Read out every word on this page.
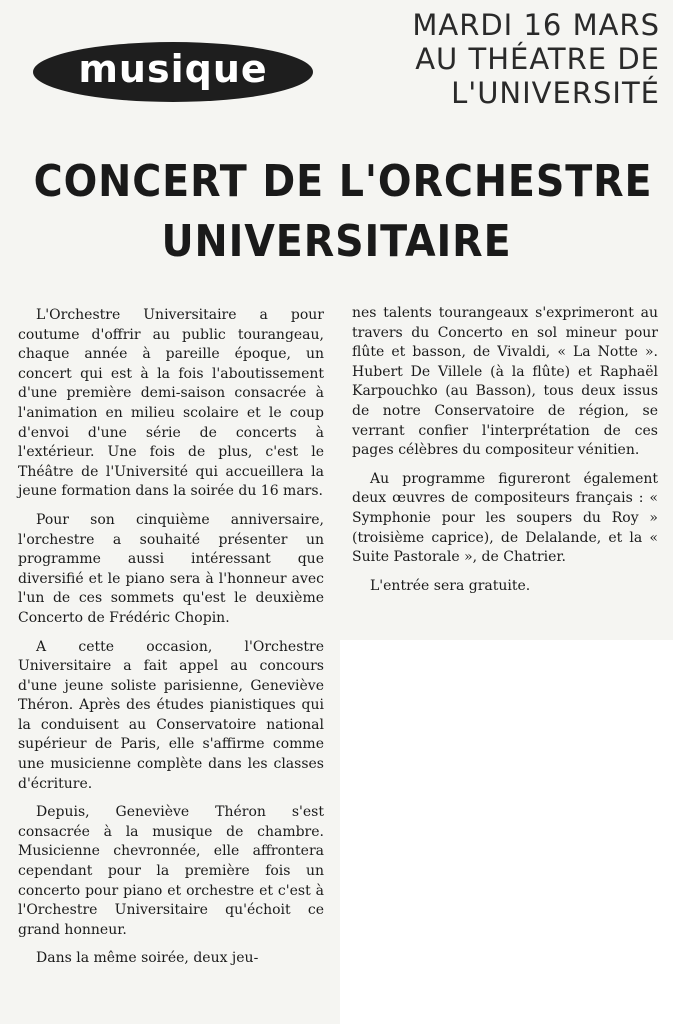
musique
MARDI 16 MARS
AU THÉATRE DE
L'UNIVERSITÉ
CONCERT DE L'ORCHESTRE
UNIVERSITAIRE

L'Orchestre Universitaire a pour coutume d'offrir au public tourangeau, chaque année à pareille époque, un concert qui est à la fois l'aboutissement d'une première demi-saison consacrée à l'animation en milieu scolaire et le coup d'envoi d'une série de concerts à l'extérieur. Une fois de plus, c'est le Théâtre de l'Université qui accueillera la jeune formation dans la soirée du 16 mars.

Pour son cinquième anniversaire, l'orchestre a souhaité présenter un programme aussi intéressant que diversifié et le piano sera à l'honneur avec l'un de ces sommets qu'est le deuxième Concerto de Frédéric Chopin.

A cette occasion, l'Orchestre Universitaire a fait appel au concours d'une jeune soliste parisienne, Geneviève Théron. Après des études pianistiques qui la conduisent au Conservatoire national supérieur de Paris, elle s'affirme comme une musicienne complète dans les classes d'écriture.

Depuis, Geneviève Théron s'est consacrée à la musique de chambre. Musicienne chevronnée, elle affrontera cependant pour la première fois un concerto pour piano et orchestre et c'est à l'Orchestre Universitaire qu'échoit ce grand honneur.

Dans la même soirée, deux jeu-

nes talents tourangeaux s'exprimeront au travers du Concerto en sol mineur pour flûte et basson, de Vivaldi, « La Notte ». Hubert De Villele (à la flûte) et Raphaël Karpouchko (au Basson), tous deux issus de notre Conservatoire de région, se verrant confier l'interprétation de ces pages célèbres du compositeur vénitien.

Au programme figureront également deux œuvres de compositeurs français : « Symphonie pour les soupers du Roy » (troisième caprice), de Delalande, et la « Suite Pastorale », de Chatrier.

L'entrée sera gratuite.
